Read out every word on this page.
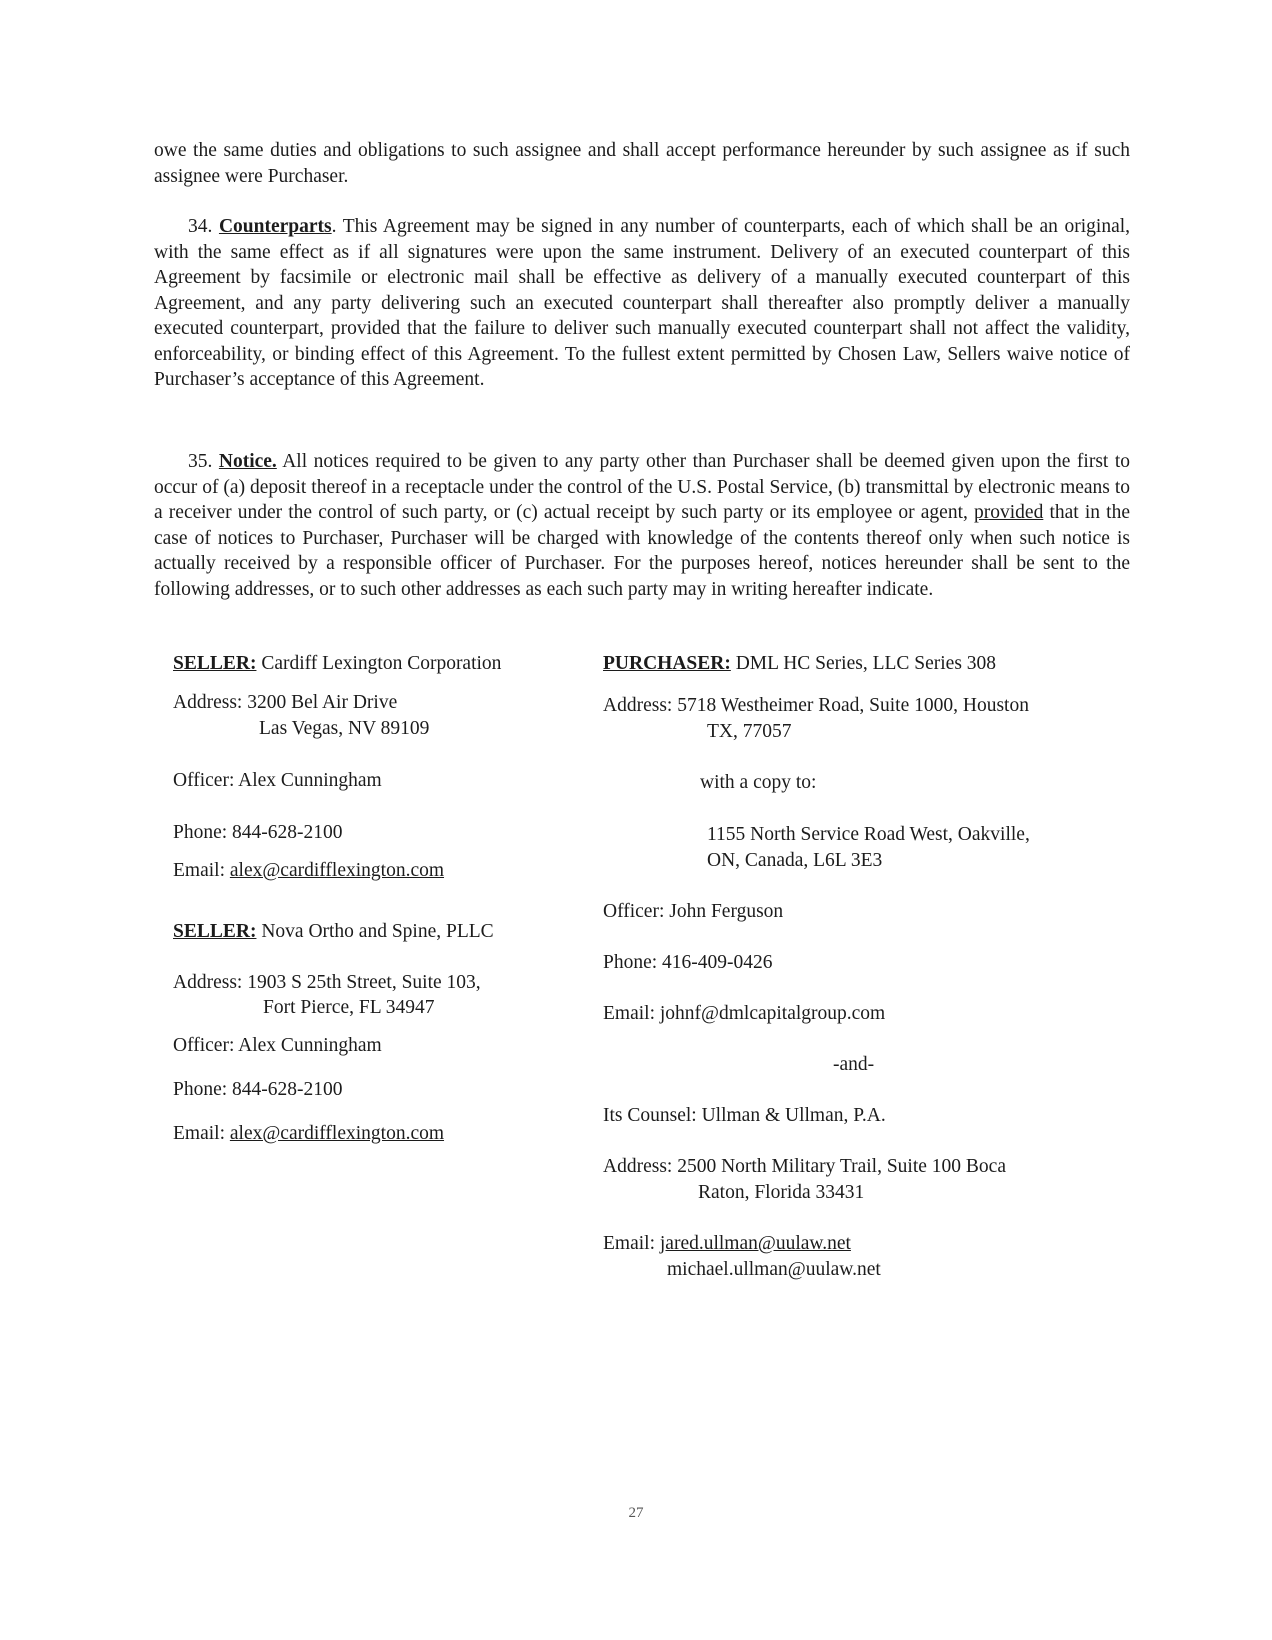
owe the same duties and obligations to such assignee and shall accept performance hereunder by such assignee as if such assignee were Purchaser.

34. Counterparts. This Agreement may be signed in any number of counterparts, each of which shall be an original, with the same effect as if all signatures were upon the same instrument. Delivery of an executed counterpart of this Agreement by facsimile or electronic mail shall be effective as delivery of a manually executed counterpart of this Agreement, and any party delivering such an executed counterpart shall thereafter also promptly deliver a manually executed counterpart, provided that the failure to deliver such manually executed counterpart shall not affect the validity, enforceability, or binding effect of this Agreement. To the fullest extent permitted by Chosen Law, Sellers waive notice of Purchaser’s acceptance of this Agreement.

35. Notice. All notices required to be given to any party other than Purchaser shall be deemed given upon the first to occur of (a) deposit thereof in a receptacle under the control of the U.S. Postal Service, (b) transmittal by electronic means to a receiver under the control of such party, or (c) actual receipt by such party or its employee or agent, provided that in the case of notices to Purchaser, Purchaser will be charged with knowledge of the contents thereof only when such notice is actually received by a responsible officer of Purchaser. For the purposes hereof, notices hereunder shall be sent to the following addresses, or to such other addresses as each such party may in writing hereafter indicate.

SELLER: Cardiff Lexington Corporation
Address: 3200 Bel Air Drive
Las Vegas, NV 89109
Officer: Alex Cunningham
Phone: 844-628-2100
Email: alex@cardifflexington.com
SELLER: Nova Ortho and Spine, PLLC
Address: 1903 S 25th Street, Suite 103,
Fort Pierce, FL 34947
Officer: Alex Cunningham
Phone: 844-628-2100
Email: alex@cardifflexington.com
PURCHASER: DML HC Series, LLC Series 308
Address: 5718 Westheimer Road, Suite 1000, Houston
TX, 77057
with a copy to:
1155 North Service Road West, Oakville,
ON, Canada, L6L 3E3
Officer: John Ferguson
Phone: 416-409-0426
Email: johnf@dmlcapitalgroup.com
-and-
Its Counsel: Ullman & Ullman, P.A.
Address: 2500 North Military Trail, Suite 100 Boca
Raton, Florida 33431
Email: jared.ullman@uulaw.net
michael.ullman@uulaw.net
27
